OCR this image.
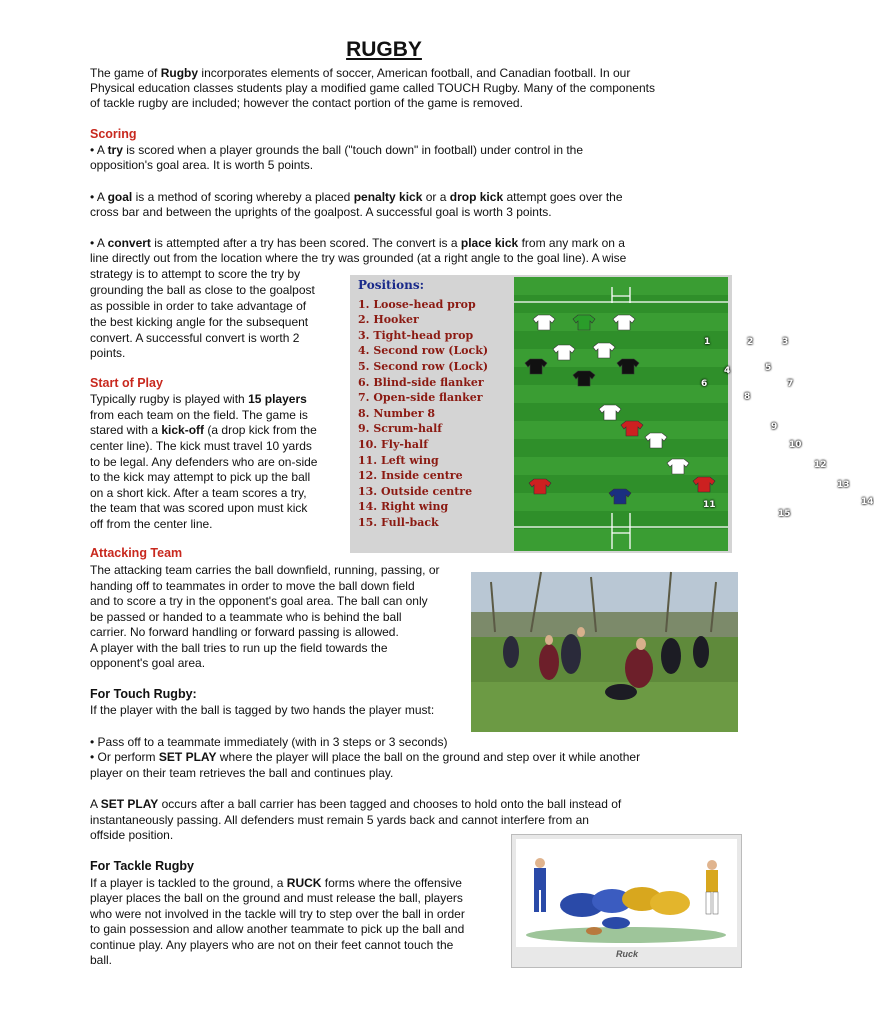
RUGBY
The game of Rugby incorporates elements of soccer, American football, and Canadian football. In our
Physical education classes students play a modified game called TOUCH Rugby. Many of the components
of tackle rugby are included; however the contact portion of the game is removed.
Scoring
• A try is scored when a player grounds the ball ("touch down" in football) under control in the
opposition's goal area. It is worth 5 points.
• A goal is a method of scoring whereby a placed penalty kick or a drop kick attempt goes over the
cross bar and between the uprights of the goalpost. A successful goal is worth 3 points.
• A convert is attempted after a try has been scored. The convert is a place kick from any mark on a
line directly out from the location where the try was grounded (at a right angle to the goal line). A wise
strategy is to attempt to score the try by
grounding the ball as close to the goalpost
as possible in order to take advantage of
the best kicking angle for the subsequent
convert. A successful convert is worth 2
points.
Start of Play
Typically rugby is played with 15 players
from each team on the field. The game is
stared with a kick-off (a drop kick from the
center line). The kick must travel 10 yards
to be legal. Any defenders who are on-side
to the kick may attempt to pick up the ball
on a short kick. After a team scores a try,
the team that was scored upon must kick
off from the center line.
Positions:
1. Loose-head prop
2. Hooker
3. Tight-head prop
4. Second row (Lock)
5. Second row (Lock)
6. Blind-side flanker
7. Open-side flanker
8. Number 8
9. Scrum-half
10. Fly-half
11. Left wing
12. Inside centre
13. Outside centre
14. Right wing
15. Full-back
1	2	3
4	5
6	7
8
9
10
11
12
13
14
15
Attacking Team
The attacking team carries the ball downfield, running, passing, or
handing off to teammates in order to move the ball down field
and to score a try in the opponent's goal area. The ball can only
be passed or handed to a teammate who is behind the ball
carrier. No forward handling or forward passing is allowed.
A player with the ball tries to run up the field towards the
opponent's goal area.
For Touch Rugby:
If the player with the ball is tagged by two hands the player must:
• Pass off to a teammate immediately (with in 3 steps or 3 seconds)
• Or perform SET PLAY where the player will place the ball on the ground and step over it while another
player on their team retrieves the ball and continues play.
A SET PLAY occurs after a ball carrier has been tagged and chooses to hold onto the ball instead of
instantaneously passing. All defenders must remain 5 yards back and cannot interfere from an
offside position.
For Tackle Rugby
If a player is tackled to the ground, a RUCK forms where the offensive
player places the ball on the ground and must release the ball, players
who were not involved in the tackle will try to step over the ball in order
to gain possession and allow another teammate to pick up the ball and
continue play. Any players who are not on their feet cannot touch the
ball.	Ruck
